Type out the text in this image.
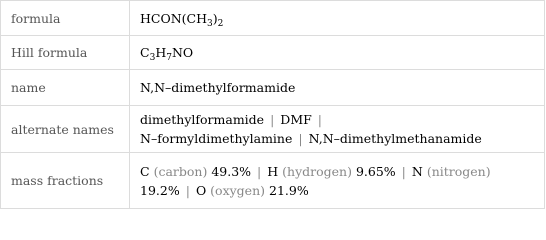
formula	$HCON(CH_3)_2$
Hill formula	$C_3H_7NO$
name	N,N–dimethylformamide
alternate names	dimethylformamide | DMF |
N–formyldimethylamine | N,N–dimethylmethanamide
mass fractions	C (carbon) 49.3% | H (hydrogen) 9.65% | N (nitrogen)
19.2% | O (oxygen) 21.9%
